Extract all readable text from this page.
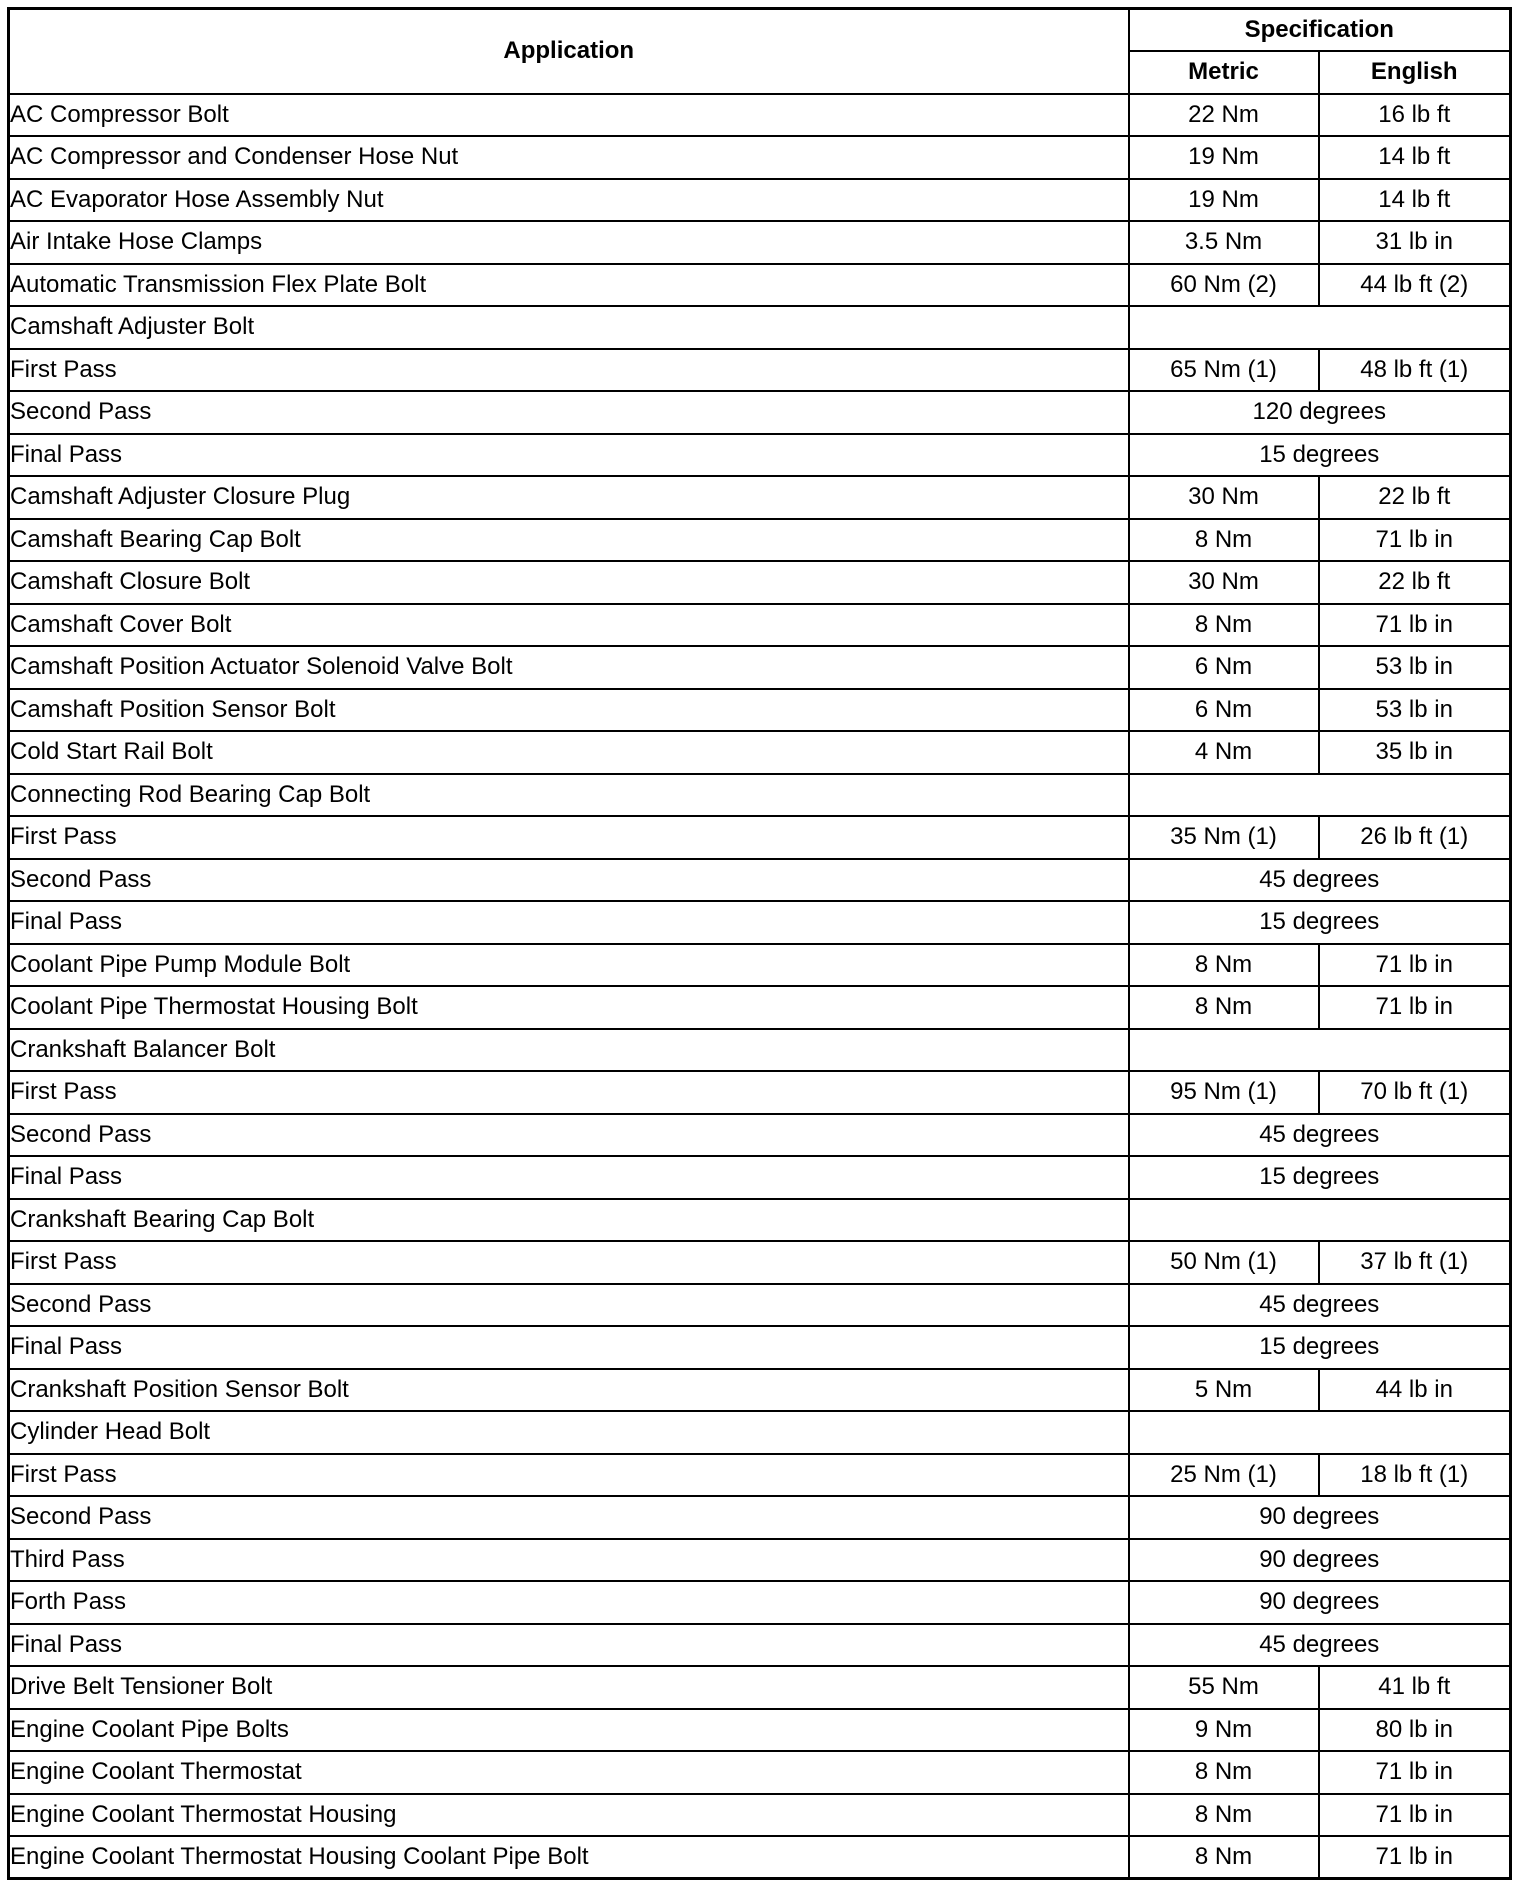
Application	Specification	
	Metric	English
AC Compressor Bolt	22 Nm	16 lb ft
AC Compressor and Condenser Hose Nut	19 Nm	14 lb ft
AC Evaporator Hose Assembly Nut	19 Nm	14 lb ft
Air Intake Hose Clamps	3.5 Nm	31 lb in
Automatic Transmission Flex Plate Bolt	60 Nm (2)	44 lb ft (2)
Camshaft Adjuster Bolt		
First Pass	65 Nm (1)	48 lb ft (1)
Second Pass	120 degrees	
Final Pass	15 degrees	
Camshaft Adjuster Closure Plug	30 Nm	22 lb ft
Camshaft Bearing Cap Bolt	8 Nm	71 lb in
Camshaft Closure Bolt	30 Nm	22 lb ft
Camshaft Cover Bolt	8 Nm	71 lb in
Camshaft Position Actuator Solenoid Valve Bolt	6 Nm	53 lb in
Camshaft Position Sensor Bolt	6 Nm	53 lb in
Cold Start Rail Bolt	4 Nm	35 lb in
Connecting Rod Bearing Cap Bolt		
First Pass	35 Nm (1)	26 lb ft (1)
Second Pass	45 degrees	
Final Pass	15 degrees	
Coolant Pipe Pump Module Bolt	8 Nm	71 lb in
Coolant Pipe Thermostat Housing Bolt	8 Nm	71 lb in
Crankshaft Balancer Bolt		
First Pass	95 Nm (1)	70 lb ft (1)
Second Pass	45 degrees	
Final Pass	15 degrees	
Crankshaft Bearing Cap Bolt		
First Pass	50 Nm (1)	37 lb ft (1)
Second Pass	45 degrees	
Final Pass	15 degrees	
Crankshaft Position Sensor Bolt	5 Nm	44 lb in
Cylinder Head Bolt		
First Pass	25 Nm (1)	18 lb ft (1)
Second Pass	90 degrees	
Third Pass	90 degrees	
Forth Pass	90 degrees	
Final Pass	45 degrees	
Drive Belt Tensioner Bolt	55 Nm	41 lb ft
Engine Coolant Pipe Bolts	9 Nm	80 lb in
Engine Coolant Thermostat	8 Nm	71 lb in
Engine Coolant Thermostat Housing	8 Nm	71 lb in
Engine Coolant Thermostat Housing Coolant Pipe Bolt	8 Nm	71 lb in
